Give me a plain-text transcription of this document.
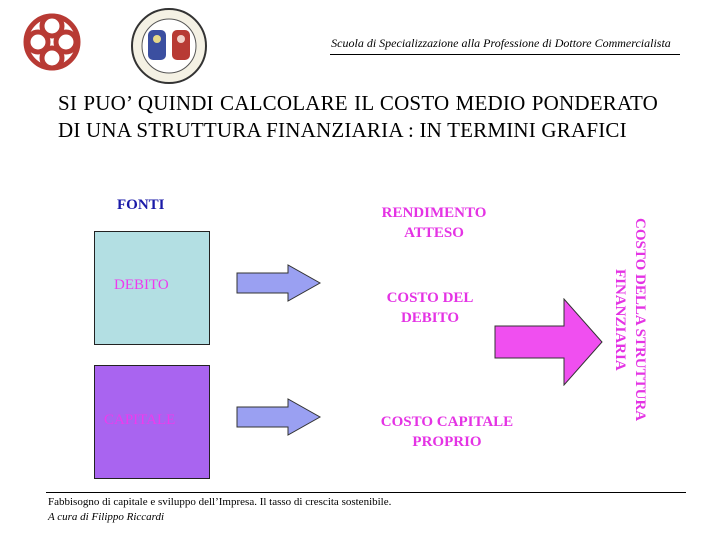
Scuola di Specializzazione alla Professione di Dottore Commercialista
SI PUO’ QUINDI CALCOLARE IL COSTO MEDIO PONDERATO DI UNA STRUTTURA FINANZIARIA : IN TERMINI GRAFICI
FONTI	RENDIMENTO ATTESO
DEBITO
CAPITALE
COSTO DEL DEBITO
COSTO CAPITALE PROPRIO
COSTO DELLA STRUTTURA FINANZIARIA
Fabbisogno di capitale e sviluppo dell’Impresa. Il tasso di crescita sostenibile.
A cura di Filippo Riccardi
